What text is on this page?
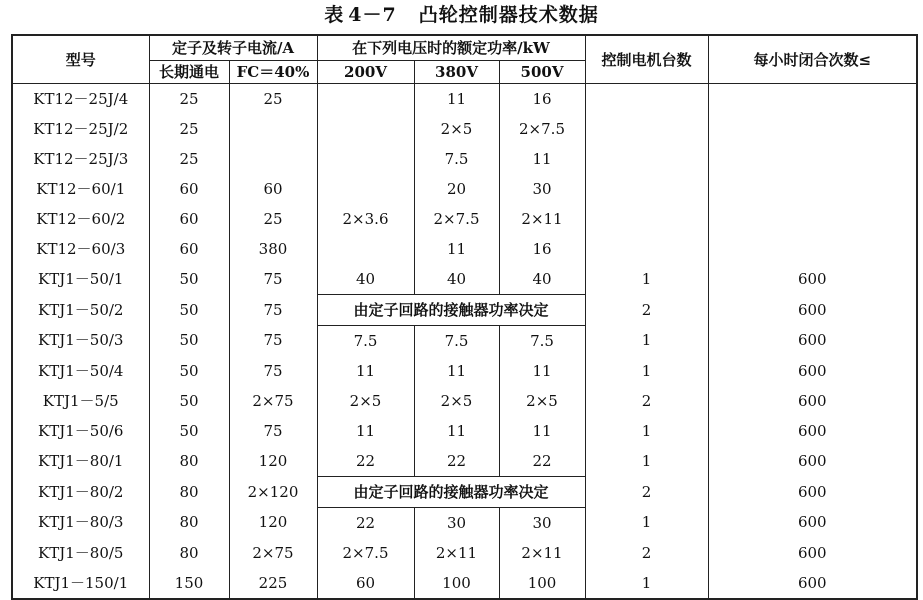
表 4－7 凸轮控制器技术数据
型号	定子及转子电流/A		在下列电压时的额定功率/kW			控制电机台数	每小时闭合次数≤
	长期通电	FC＝40%	200V	380V	500V		
KT12－25J/4	25	25		11	16		
KT12－25J/2	25			2×5	2×7.5		
KT12－25J/3	25			7.5	11		
KT12－60/1	60	60		20	30		
KT12－60/2	60	25	2×3.6	2×7.5	2×11		
KT12－60/3	60	380		11	16		
KTJ1－50/1	50	75	40	40	40	1	600
KTJ1－50/2	50	75	由定子回路的接触器功率决定			2	600
KTJ1－50/3	50	75	7.5	7.5	7.5	1	600
KTJ1－50/4	50	75	11	11	11	1	600
KTJ1－5/5	50	2×75	2×5	2×5	2×5	2	600
KTJ1－50/6	50	75	11	11	11	1	600
KTJ1－80/1	80	120	22	22	22	1	600
KTJ1－80/2	80	2×120	由定子回路的接触器功率决定			2	600
KTJ1－80/3	80	120	22	30	30	1	600
KTJ1－80/5	80	2×75	2×7.5	2×11	2×11	2	600
KTJ1－150/1	150	225	60	100	100	1	600
